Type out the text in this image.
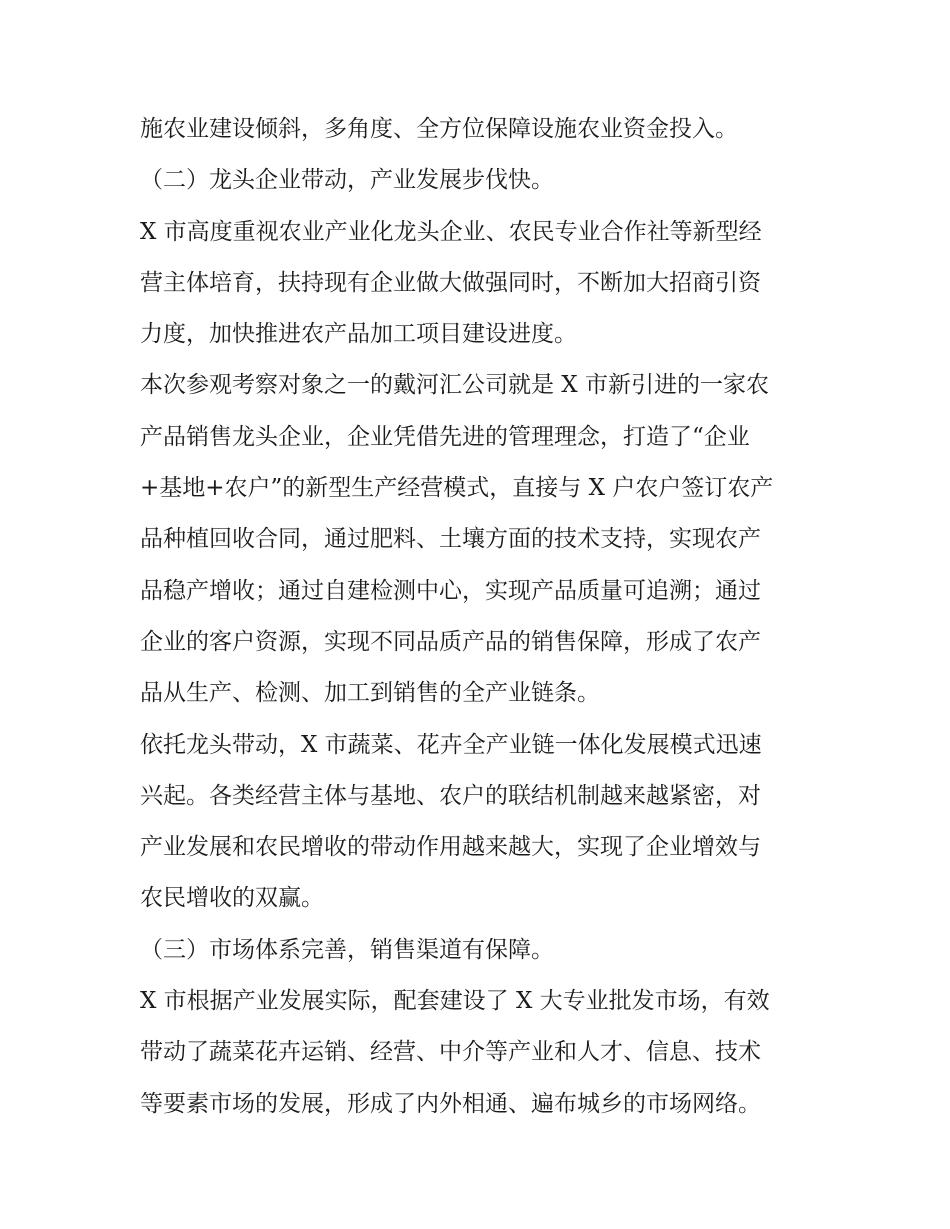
施农业建设倾斜，多角度、全方位保障设施农业资金投入。
（二）龙头企业带动，产业发展步伐快。
X 市高度重视农业产业化龙头企业、农民专业合作社等新型经
营主体培育，扶持现有企业做大做强同时，不断加大招商引资
力度，加快推进农产品加工项目建设进度。
本次参观考察对象之一的戴河汇公司就是 X 市新引进的一家农
产品销售龙头企业，企业凭借先进的管理理念，打造了“企业
+基地+农户”的新型生产经营模式，直接与 X 户农户签订农产
品种植回收合同，通过肥料、土壤方面的技术支持，实现农产
品稳产增收；通过自建检测中心，实现产品质量可追溯；通过
企业的客户资源，实现不同品质产品的销售保障，形成了农产
品从生产、检测、加工到销售的全产业链条。
依托龙头带动，X 市蔬菜、花卉全产业链一体化发展模式迅速
兴起。各类经营主体与基地、农户的联结机制越来越紧密，对
产业发展和农民增收的带动作用越来越大，实现了企业增效与
农民增收的双赢。
（三）市场体系完善，销售渠道有保障。
X 市根据产业发展实际，配套建设了 X 大专业批发市场，有效
带动了蔬菜花卉运销、经营、中介等产业和人才、信息、技术
等要素市场的发展，形成了内外相通、遍布城乡的市场网络。
